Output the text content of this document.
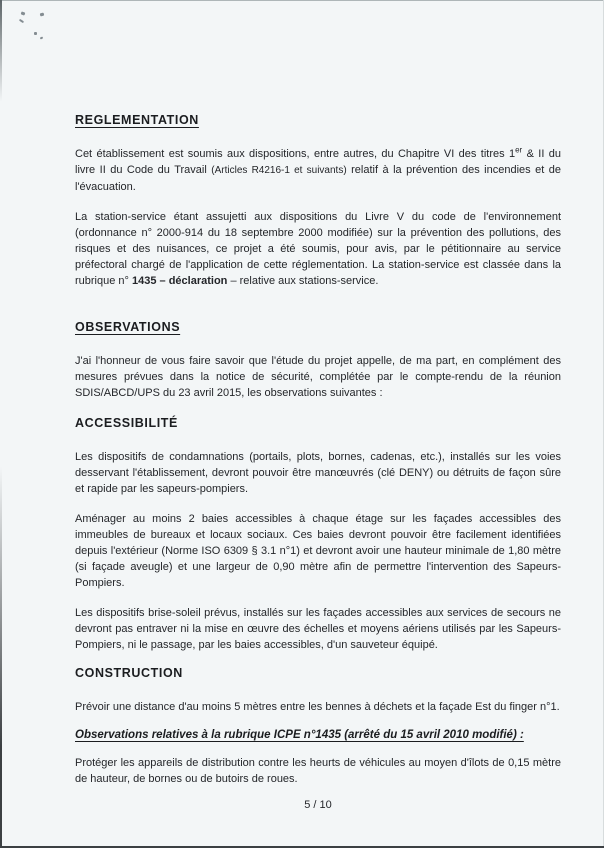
REGLEMENTATION

Cet établissement est soumis aux dispositions, entre autres, du Chapitre VI des titres 1er & II du livre II du Code du Travail (Articles R4216-1 et suivants) relatif à la prévention des incendies et de l'évacuation.

La station-service étant assujetti aux dispositions du Livre V du code de l'environnement (ordonnance n° 2000-914 du 18 septembre 2000 modifiée) sur la prévention des pollutions, des risques et des nuisances, ce projet a été soumis, pour avis, par le pétitionnaire au service préfectoral chargé de l'application de cette réglementation. La station-service est classée dans la rubrique n° 1435 – déclaration – relative aux stations-service.

OBSERVATIONS

J'ai l'honneur de vous faire savoir que l'étude du projet appelle, de ma part, en complément des mesures prévues dans la notice de sécurité, complétée par le compte-rendu de la réunion SDIS/ABCD/UPS du 23 avril 2015, les observations suivantes :

ACCESSIBILITÉ

Les dispositifs de condamnations (portails, plots, bornes, cadenas, etc.), installés sur les voies desservant l'établissement, devront pouvoir être manœuvrés (clé DENY) ou détruits de façon sûre et rapide par les sapeurs-pompiers.

Aménager au moins 2 baies accessibles à chaque étage sur les façades accessibles des immeubles de bureaux et locaux sociaux. Ces baies devront pouvoir être facilement identifiées depuis l'extérieur (Norme ISO 6309 § 3.1 n°1) et devront avoir une hauteur minimale de 1,80 mètre (si façade aveugle) et une largeur de 0,90 mètre afin de permettre l'intervention des Sapeurs-Pompiers.

Les dispositifs brise-soleil prévus, installés sur les façades accessibles aux services de secours ne devront pas entraver ni la mise en œuvre des échelles et moyens aériens utilisés par les Sapeurs-Pompiers, ni le passage, par les baies accessibles, d'un sauveteur équipé.

CONSTRUCTION

Prévoir une distance d'au moins 5 mètres entre les bennes à déchets et la façade Est du finger n°1.

Observations relatives à la rubrique ICPE n°1435 (arrêté du 15 avril 2010 modifié) :

Protéger les appareils de distribution contre les heurts de véhicules au moyen d'îlots de 0,15 mètre de hauteur, de bornes ou de butoirs de roues.

5 / 10
